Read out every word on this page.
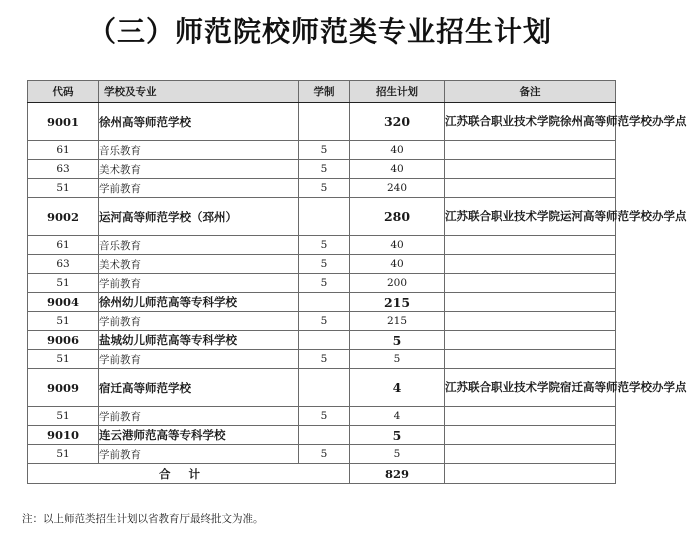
（三）师范院校师范类专业招生计划
代码	学校及专业	学制	招生计划	备注
9001	徐州高等师范学校		320	江苏联合职业技术学院徐州高等师范学校办学点
61	音乐教育	5	40	
63	美术教育	5	40	
51	学前教育	5	240	
9002	运河高等师范学校（邳州）		280	江苏联合职业技术学院运河高等师范学校办学点
61	音乐教育	5	40	
63	美术教育	5	40	
51	学前教育	5	200	
9004	徐州幼儿师范高等专科学校		215	
51	学前教育	5	215	
9006	盐城幼儿师范高等专科学校		5	
51	学前教育	5	5	
9009	宿迁高等师范学校		4	江苏联合职业技术学院宿迁高等师范学校办学点
51	学前教育	5	4	
9010	连云港师范高等专科学校		5	
51	学前教育	5	5	
合计			829	
注：以上师范类招生计划以省教育厅最终批文为准。
